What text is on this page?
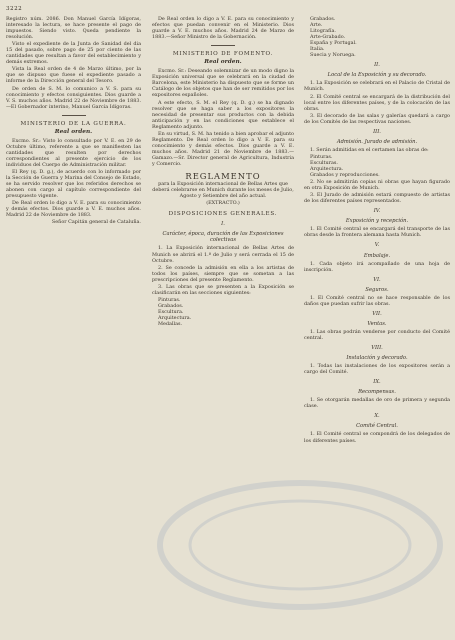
3222

Registro núm. 2086. Don Manuel García Idígoras, interesado la lectura, se hace presente el pago de impuestos. Siendo visto. Queda pendiente la resolución.

Visto el expediente de la Junta de Sanidad del dia 15 del pasado, sobre pago de 25 por ciento de las cantidades que resultan a favor del establecimiento y demás extremos.

Vista la Real orden de 4 de Marzo último, por la que se dispuso que fuese el expediente pasado a informe de la Dirección general del Tesoro.

De orden de S. M. lo comunico a V. S. para su conocimiento y efectos consiguientes. Dios guarde a V. S. muchos años. Madrid 22 de Noviembre de 1883.—El Gobernador interino, Manuel García Idígoras.

MINISTERIO DE LA GUERRA.
Real orden.

Excmo. Sr.: Visto lo consultado por V. E. en 29 de Octubre último, referente a que se manifiesten las cantidades que resulten por derechos correspondientes al presente ejercicio de los individuos del Cuerpo de Administración militar.

El Rey (q. D. g.), de acuerdo con lo informado por la Sección de Guerra y Marina del Consejo de Estado, se ha servido resolver que los referidos derechos se abonen con cargo al capítulo correspondiente del presupuesto vigente.

De Real orden lo digo a V. E. para su conocimiento y demás efectos. Dios guarde a V. E. muchos años. Madrid 22 de Noviembre de 1883.

Señor Capitán general de Cataluña.

De Real orden lo digo a V. E. para su conocimiento y efectos que puedan convenir en el Ministerio. Dios guarde a V. E. muchos años. Madrid 24 de Marzo de 1883.—Señor Ministro de la Gobernación.

MINISTERIO DE FOMENTO.
Real orden.

Excmo. Sr.: Deseando solemnizar de un modo digno la Exposición universal que se celebrará en la ciudad de Barcelona, este Ministerio ha dispuesto que se forme un Catálogo de los objetos que han de ser remitidos por los expositores españoles.

A este efecto, S. M. el Rey (q. D. g.) se ha dignado resolver que se haga saber a los expositores la necesidad de presentar sus productos con la debida anticipación y en las condiciones que establece el Reglamento adjunto.

En su virtud, S. M. ha tenido a bien aprobar el adjunto Reglamento. De Real orden lo digo a V. E. para su conocimiento y demás efectos. Dios guarde a V. E. muchos años. Madrid 21 de Noviembre de 1883.—Gamazo.—Sr. Director general de Agricultura, Industria y Comercio.

REGLAMENTO

para la Exposición internacional de Bellas Artes que deberá celebrarse en Munich durante los meses de Julio, Agosto y Setiembre del año actual.

(EXTRACTO.)

DISPOSICIONES GENERALES.
I.
Carácter, época, duración de las Exposiciones colectivas

1. La Exposición internacional de Bellas Artes de Munich se abrirá el 1.º de Julio y será cerrada el 15 de Octubre.

2. Se concede la admisión en ella a los artistas de todos los países, siempre que se sometan a las prescripciones del presente Reglamento.

3. Las obras que se presenten a la Exposición se clasificarán en las secciones siguientes:

Pinturas.
Grabados.
Escultura.
Arquitectura.
Medallas.

Grabados.
Arte.
Litografía.
Arte-Grabado.
España y Portugal.
Italia.
Suecia y Noruega.

II.
Local de la Exposición y su decorado.

1. La Exposición se celebrará en el Palacio de Cristal de Munich.

2. El Comité central se encargará de la distribución del local entre los diferentes países, y de la colocación de las obras.

3. El decorado de las salas y galerías quedará a cargo de los Comités de las respectivas naciones.

III.
Admisión. Jurado de admisión.

1. Serán admitidas en el certamen las obras de:

Pinturas.
Esculturas.
Arquitectura.
Grabados y reproducciones.

2. No se admitirán copias ni obras que hayan figurado en otra Exposición de Munich.

3. El Jurado de admisión estará compuesto de artistas de los diferentes países representados.

IV.
Exposición y recepción.

1. El Comité central se encargará del transporte de las obras desde la frontera alemana hasta Munich.

V.
Embalaje.

1. Cada objeto irá acompañado de una hoja de inscripción.

VI.
Seguros.

1. El Comité central no se hace responsable de los daños que puedan sufrir las obras.

VII.
Ventas.

1. Las obras podrán venderse por conducto del Comité central.

VIII.
Instalación y decorado.

1. Todas las instalaciones de los expositores serán a cargo del Comité.

IX.
Recompensas.

1. Se otorgarán medallas de oro de primera y segunda clase.

X.
Comité Central.

1. El Comité central se compondrá de los delegados de los diferentes países.
